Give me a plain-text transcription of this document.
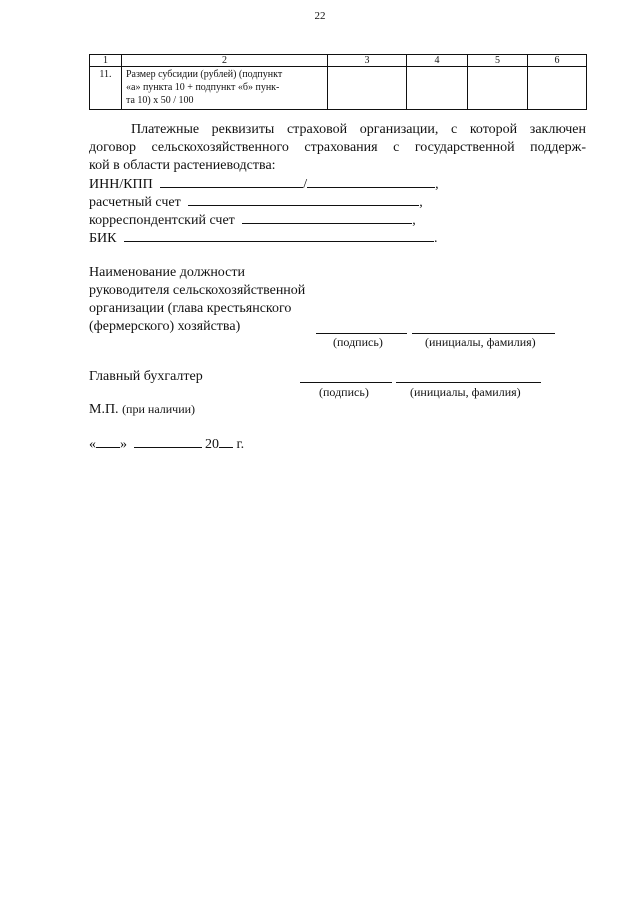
22
1	2	3	4	5	6
11.	Размер субсидии (рублей) (подпункт
«а» пункта 10 + подпункт «б» пунк-
та 10) x 50 / 100				

Платежные реквизиты страховой организации, с которой заключен
договор сельскохозяйственного страхования с государственной поддерж-
кой в области растениеводства:
ИНН/КПП	/	,
расчетный счет	,
корреспондентский счет	,
БИК	.
Наименование должности
руководителя сельскохозяйственной
организации (глава крестьянского
(фермерского) хозяйства)
(подпись)	(инициалы, фамилия)
Главный бухгалтер
(подпись)	(инициалы, фамилия)
М.П. (при наличии)
« »	20 г.
